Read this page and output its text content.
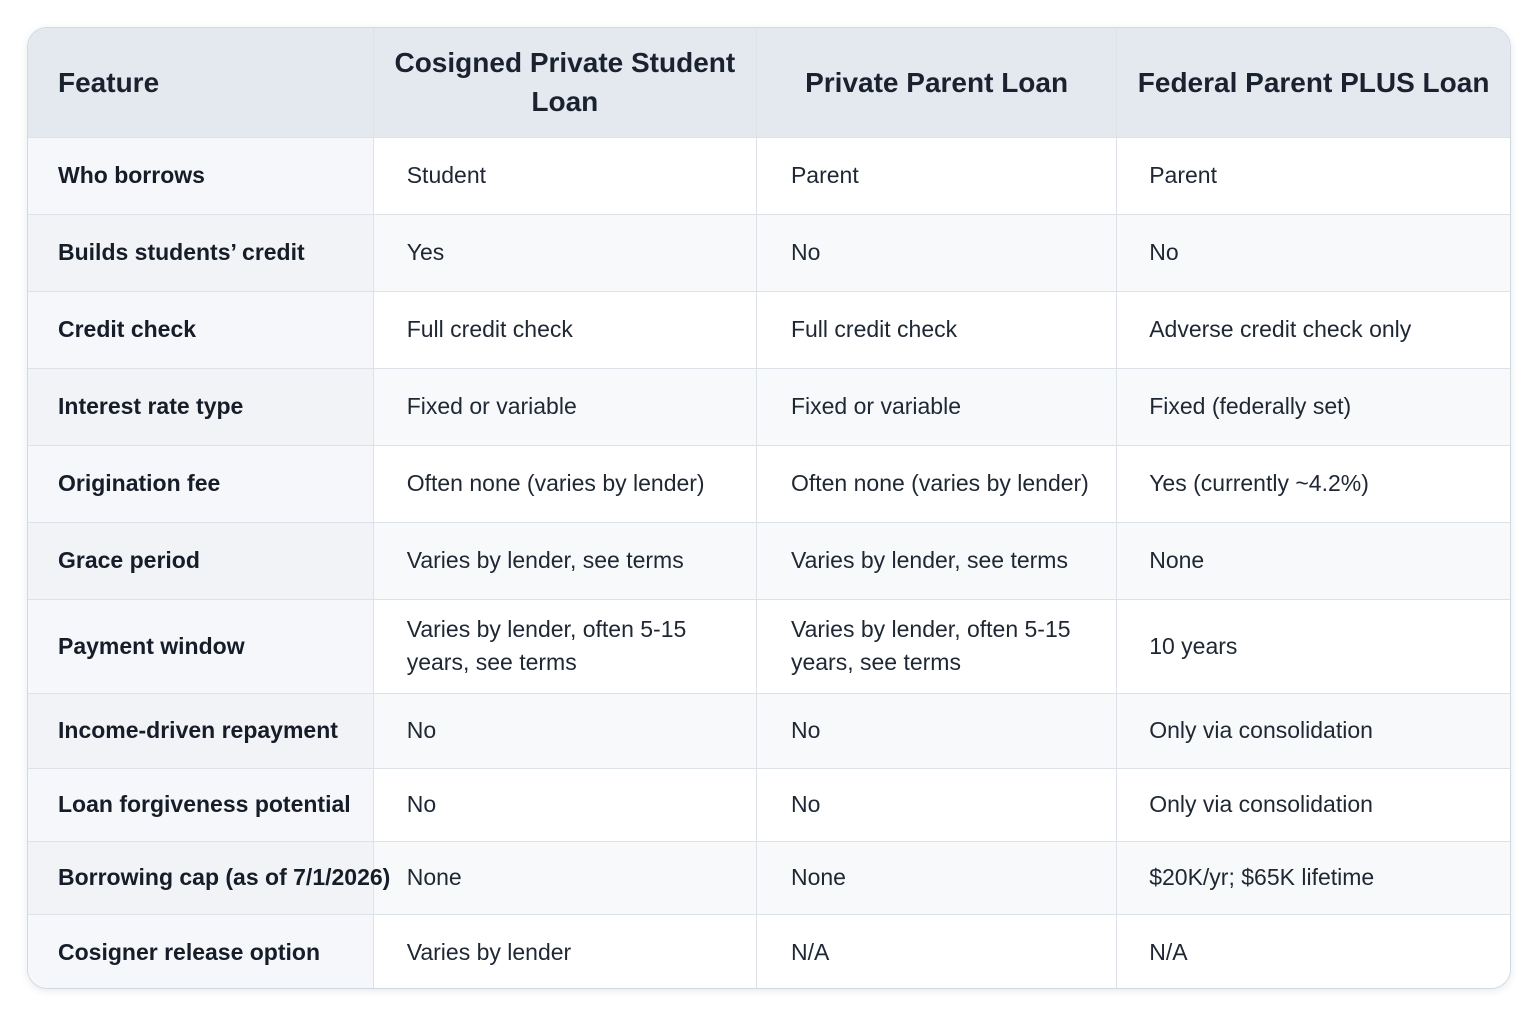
Feature	Cosigned Private Student Loan	Private Parent Loan	Federal Parent PLUS Loan
Who borrows	Student	Parent	Parent
Builds students’ credit	Yes	No	No
Credit check	Full credit check	Full credit check	Adverse credit check only
Interest rate type	Fixed or variable	Fixed or variable	Fixed (federally set)
Origination fee	Often none (varies by lender)	Often none (varies by lender)	Yes (currently ~4.2%)
Grace period	Varies by lender, see terms	Varies by lender, see terms	None
Payment window	Varies by lender, often 5-15 years, see terms	Varies by lender, often 5-15 years, see terms	10 years
Income-driven repayment	No	No	Only via consolidation
Loan forgiveness potential	No	No	Only via consolidation
Borrowing cap (as of 7/1/2026)	None	None	$20K/yr; $65K lifetime
Cosigner release option	Varies by lender	N/A	N/A
